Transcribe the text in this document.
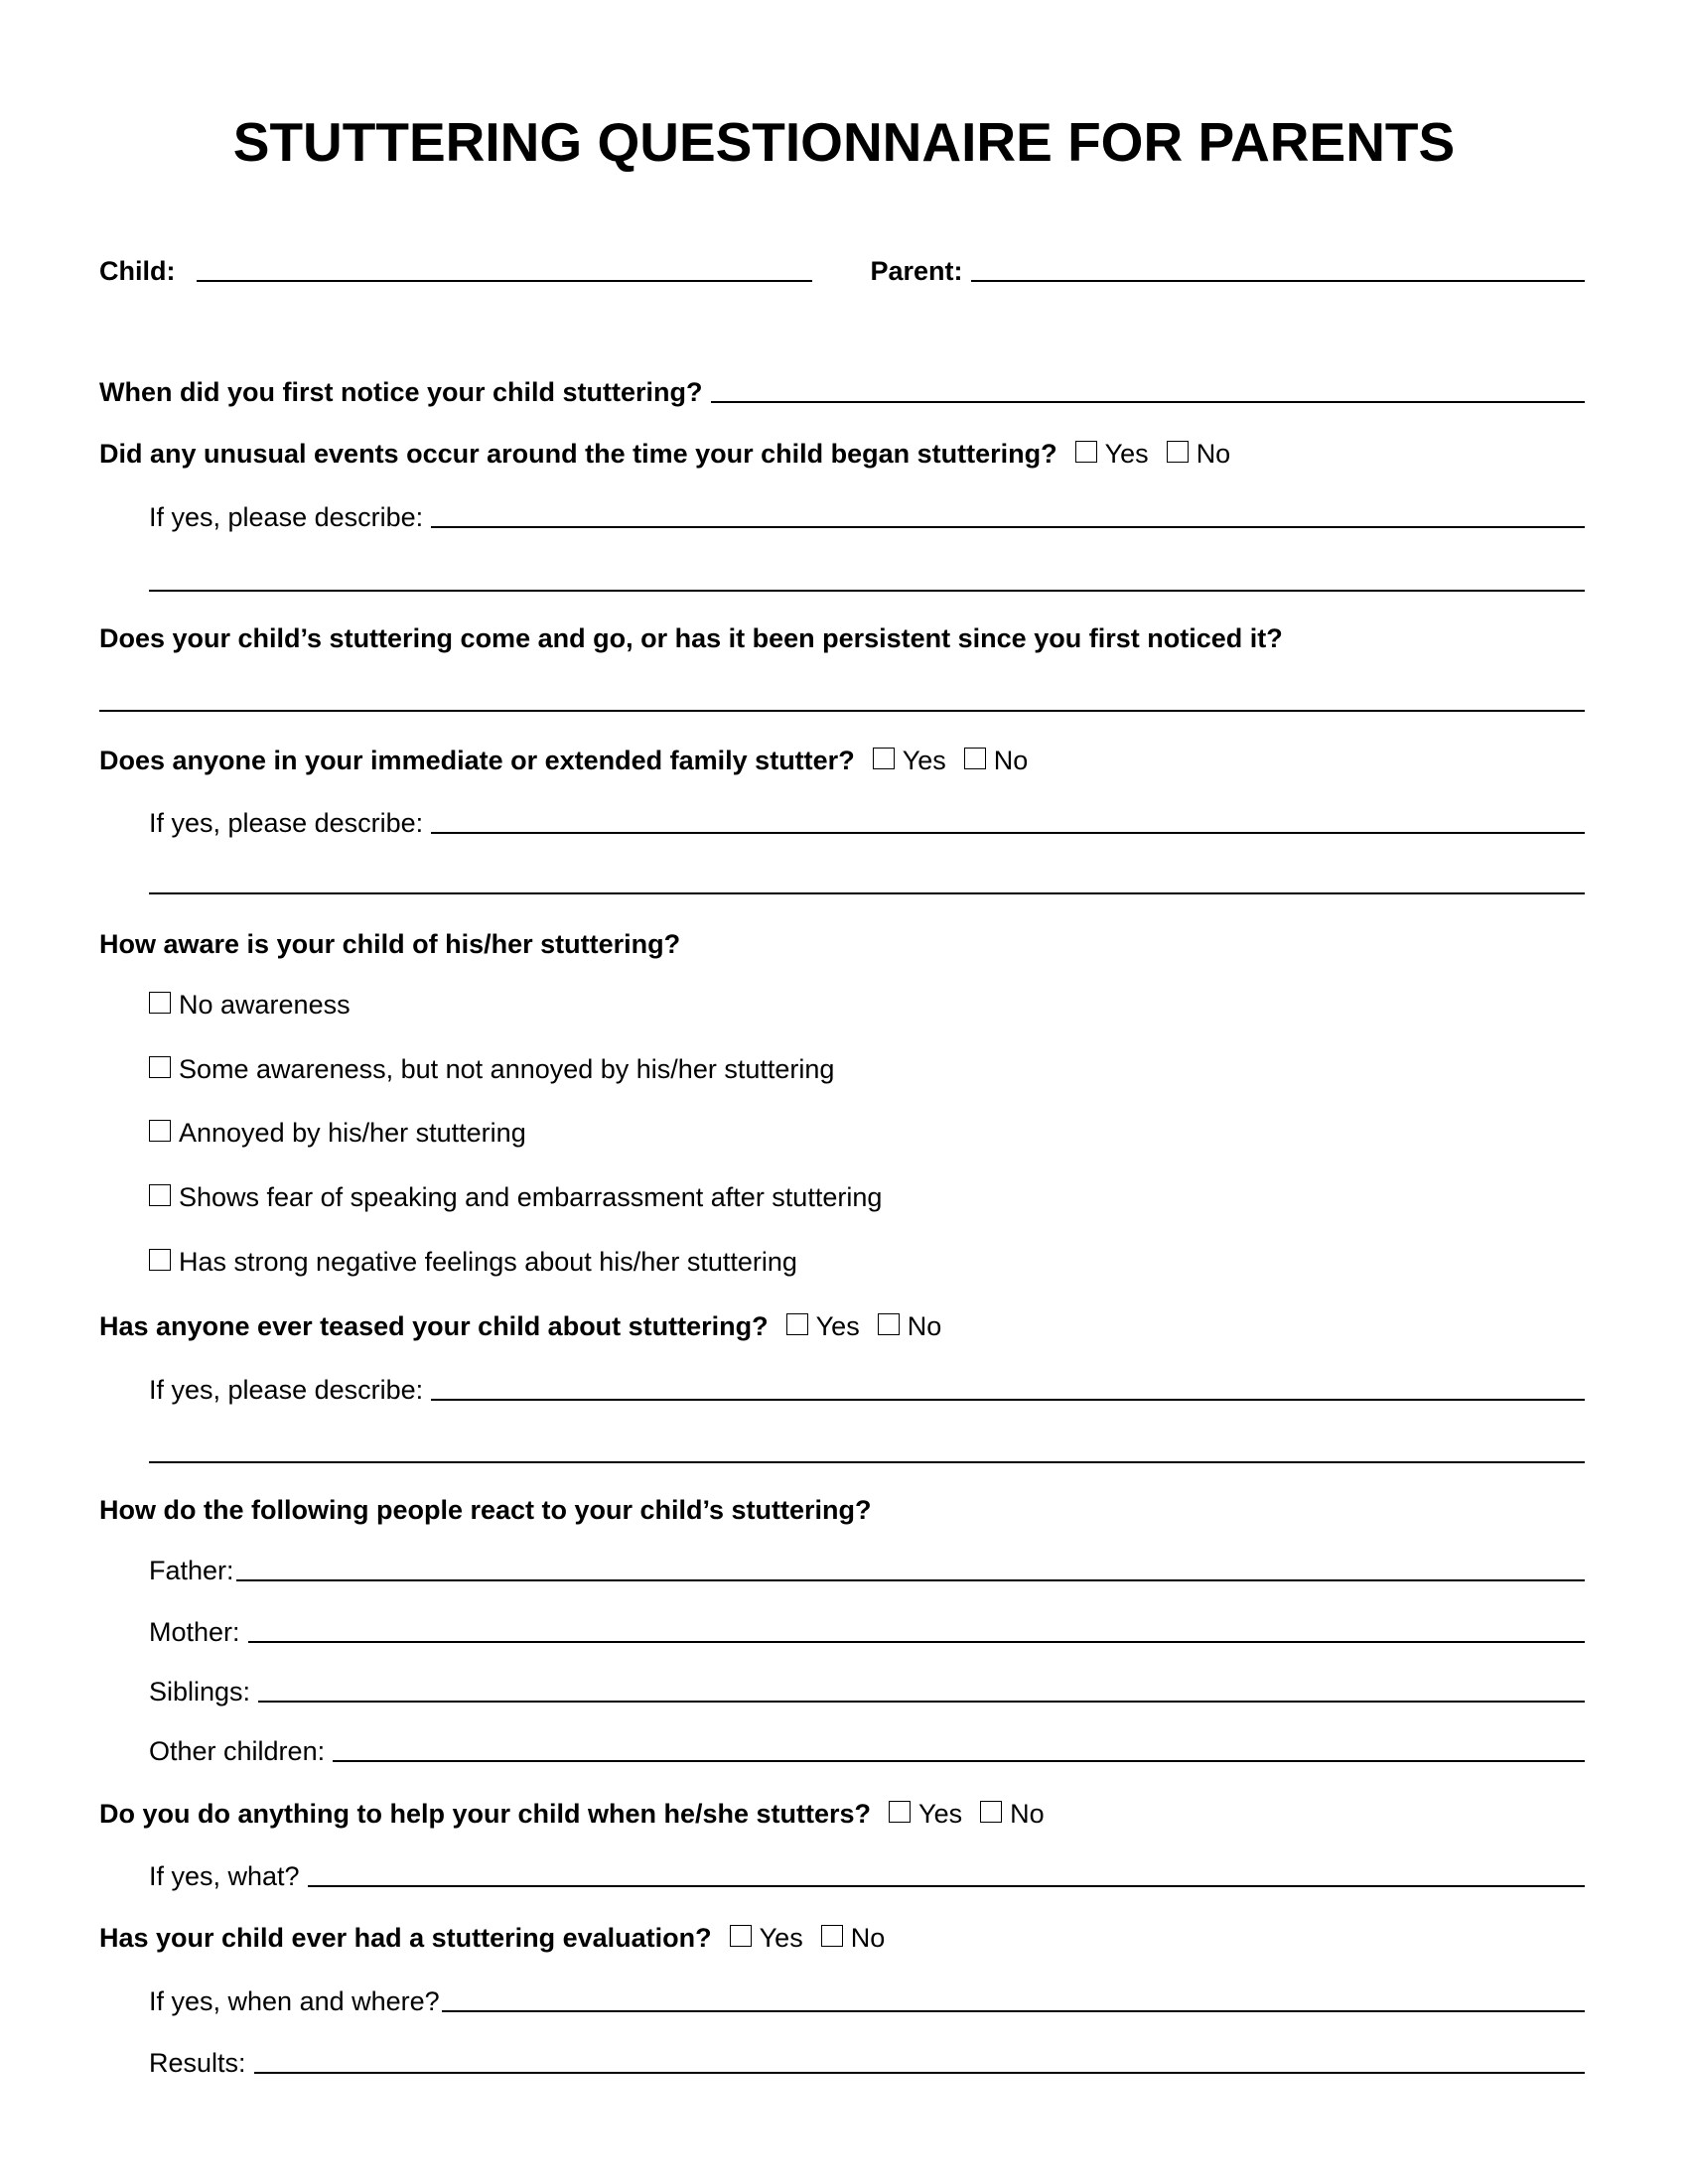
STUTTERING QUESTIONNAIRE FOR PARENTS
Child:	Parent:
When did you first notice your child stuttering?
Did any unusual events occur around the time your child began stuttering? Yes No
If yes, please describe:
Does your child’s stuttering come and go, or has it been persistent since you first noticed it?
Does anyone in your immediate or extended family stutter? Yes No
If yes, please describe:
How aware is your child of his/her stuttering?
No awareness
Some awareness, but not annoyed by his/her stuttering
Annoyed by his/her stuttering
Shows fear of speaking and embarrassment after stuttering
Has strong negative feelings about his/her stuttering
Has anyone ever teased your child about stuttering? Yes No
If yes, please describe:
How do the following people react to your child’s stuttering?
Father:
Mother:
Siblings:
Other children:
Do you do anything to help your child when he/she stutters? Yes No
If yes, what?
Has your child ever had a stuttering evaluation? Yes No
If yes, when and where?
Results:
